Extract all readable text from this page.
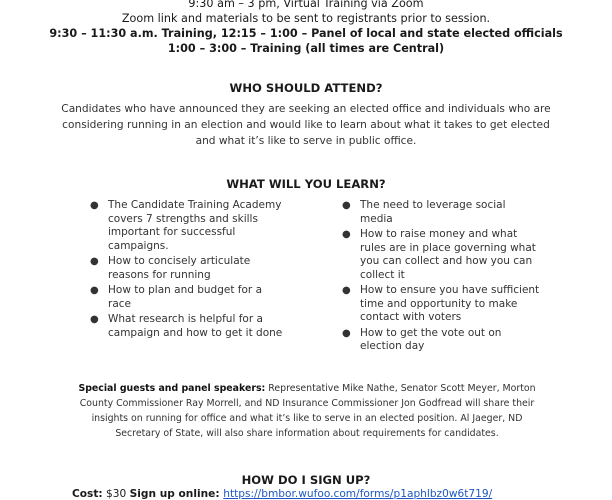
9:30 am – 3 pm, Virtual Training via Zoom
Zoom link and materials to be sent to registrants prior to session.
9:30 – 11:30 a.m. Training, 12:15 – 1:00 – Panel of local and state elected officials
1:00 – 3:00 – Training (all times are Central)
WHO SHOULD ATTEND?
Candidates who have announced they are seeking an elected office and individuals who are considering running in an election and would like to learn about what it takes to get elected and what it’s like to serve in public office.
WHAT WILL YOU LEARN?
● The Candidate Training Academy covers 7 strengths and skills important for successful campaigns.
● How to concisely articulate reasons for running
● How to plan and budget for a race
● What research is helpful for a campaign and how to get it done
● The need to leverage social media
● How to raise money and what rules are in place governing what you can collect and how you can collect it
● How to ensure you have sufficient time and opportunity to make contact with voters
● How to get the vote out on election day
Special guests and panel speakers: Representative Mike Nathe, Senator Scott Meyer, Morton County Commissioner Ray Morrell, and ND Insurance Commissioner Jon Godfread will share their insights on running for office and what it’s like to serve in an elected position. Al Jaeger, ND Secretary of State, will also share information about requirements for candidates.
HOW DO I SIGN UP?
Cost: $30 Sign up online: https://bmbor.wufoo.com/forms/p1aphlbz0w6t719/
